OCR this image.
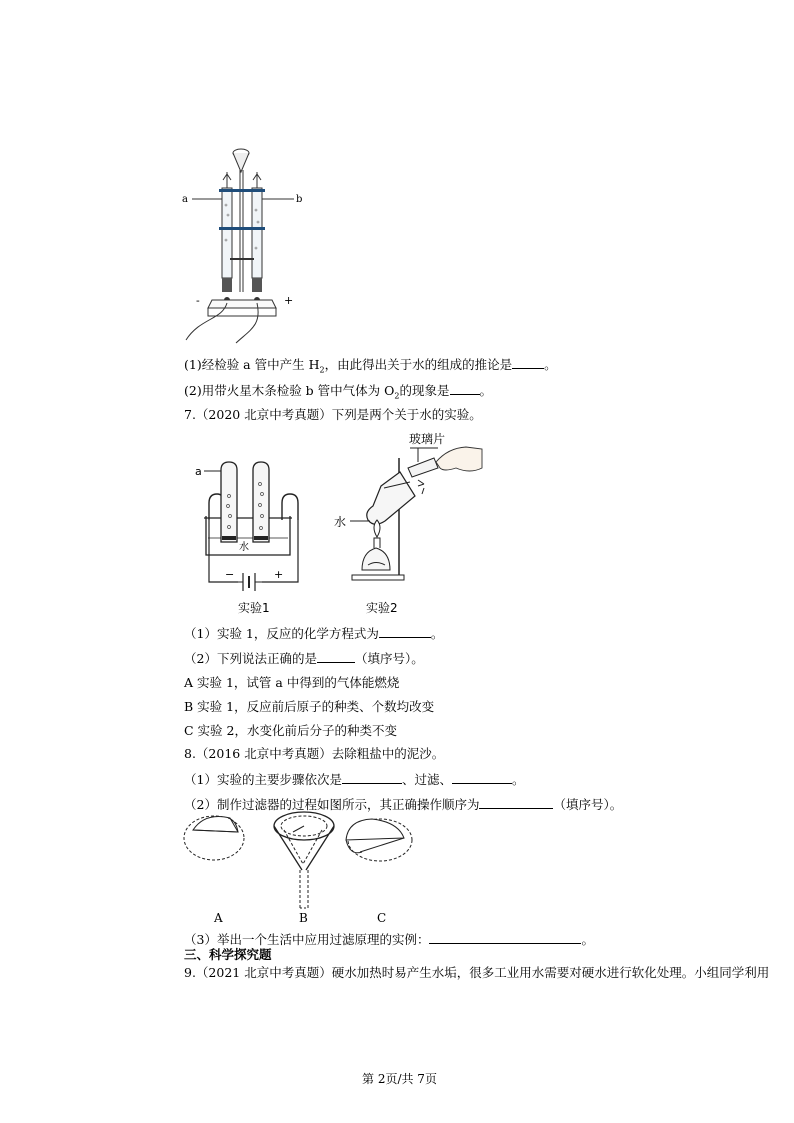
a	b
-	+
(1)经检验 a 管中产生 $H_2$，由此得出关于水的组成的推论是	。
(2)用带火星木条检验 b 管中气体为 $O_2$的现象是 。
7.（2020 北京中考真题）下列是两个关于水的实验。
a
水
−	+
实验1
玻璃片
水
实验2
（1）实验 1，反应的化学方程式为	。
（2）下列说法正确的是	（填序号）。
A 实验 1，试管 a 中得到的气体能燃烧
B 实验 1，反应前后原子的种类、个数均改变
C 实验 2，水变化前后分子的种类不变
8.（2016 北京中考真题）去除粗盐中的泥沙。
（1）实验的主要步骤依次是	、过滤、	。
（2）制作过滤器的过程如图所示，其正确操作顺序为	（填序号）。
A	B	C
（3）举出一个生活中应用过滤原理的实例：	。
三、科学探究题
9.（2021 北京中考真题）硬水加热时易产生水垢，很多工业用水需要对硬水进行软化处理。小组同学利用
第 2页/共 7页
